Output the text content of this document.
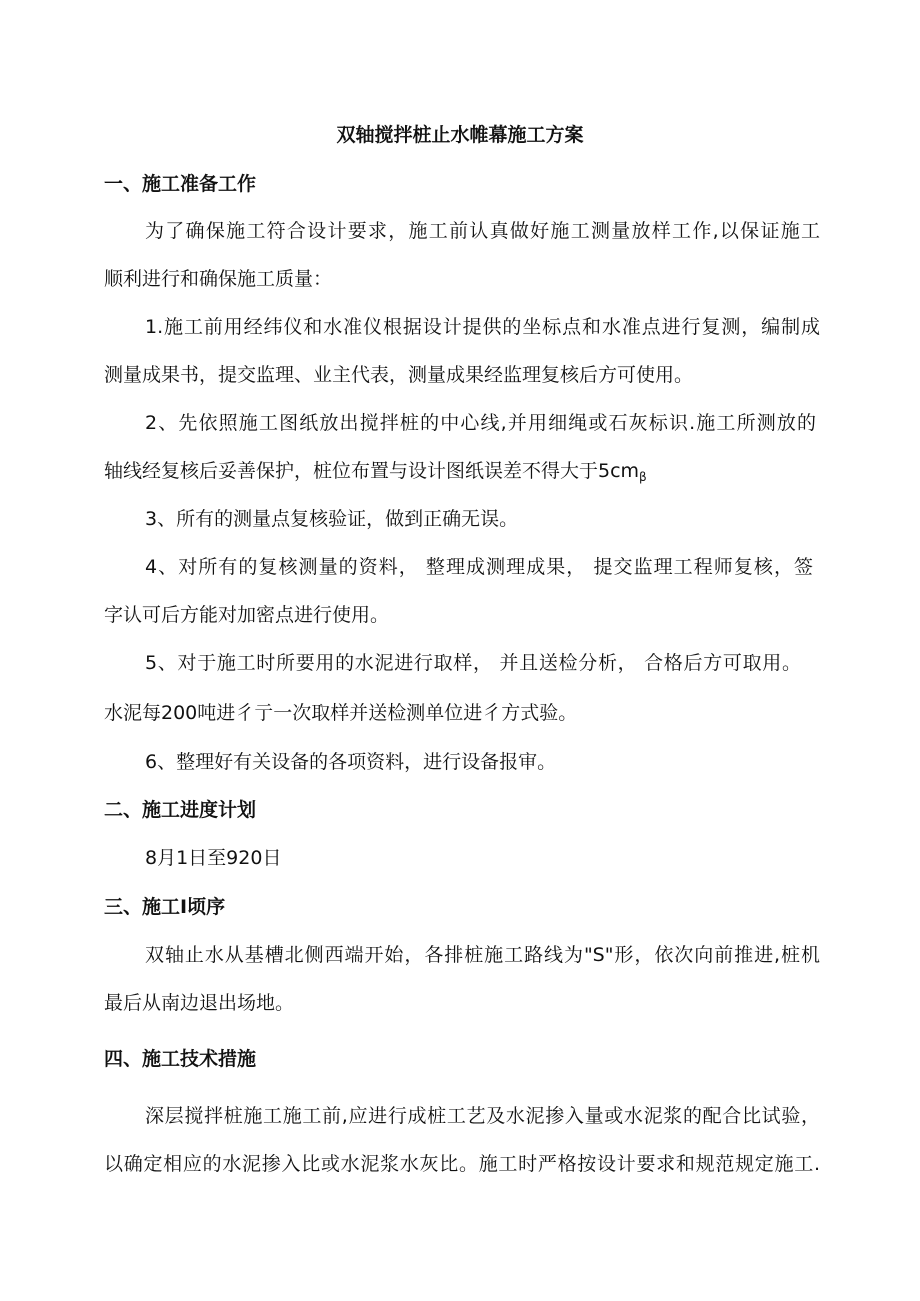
双轴搅拌桩止水帷幕施工方案
一、施工准备工作
为了确保施工符合设计要求，施工前认真做好施工测量放样工作,以保证施工
顺利进行和确保施工质量：
1.施工前用经纬仪和水准仪根据设计提供的坐标点和水准点进行复测，编制成
测量成果书，提交监理、业主代表，测量成果经监理复核后方可使用。
2、先依照施工图纸放出搅拌桩的中心线,并用细绳或石灰标识.施工所测放的
轴线经复核后妥善保护，桩位布置与设计图纸误差不得大于$5cm_\beta$
3、所有的测量点复核验证，做到正确无误。
4、对所有的复核测量的资料， 整理成测理成果， 提交监理工程师复核，签
字认可后方能对加密点进行使用。
5、对于施工时所要用的水泥进行取样， 并且送检分析， 合格后方可取用。
水泥每200吨进彳亍一次取样并送检测单位进彳方式验。
6、整理好有关设备的各项资料，进行设备报审。
二、施工进度计划
8月1日至920日
三、施工I顷序
双轴止水从基槽北侧西端开始，各排桩施工路线为"S"形，依次向前推进,桩机
最后从南边退出场地。
四、施工技术措施
深层搅拌桩施工施工前,应进行成桩工艺及水泥掺入量或水泥浆的配合比试验，
以确定相应的水泥掺入比或水泥浆水灰比。施工时严格按设计要求和规范规定施工.
